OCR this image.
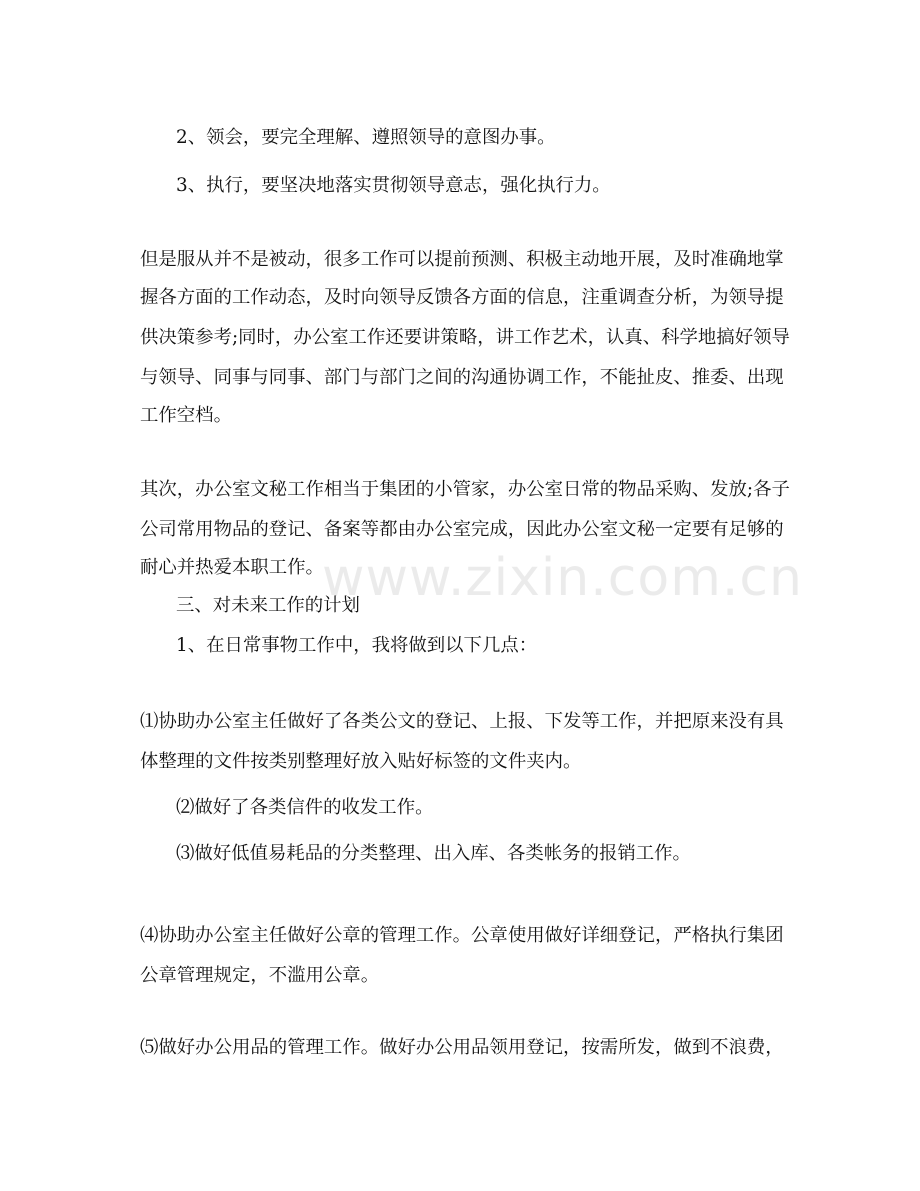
www.zixin.com.cn

2、领会，要完全理解、遵照领导的意图办事。

3、执行，要坚决地落实贯彻领导意志，强化执行力。

但是服从并不是被动，很多工作可以提前预测、积极主动地开展，及时准确地掌

握各方面的工作动态，及时向领导反馈各方面的信息，注重调查分析，为领导提

供决策参考;同时，办公室工作还要讲策略，讲工作艺术，认真、科学地搞好领导

与领导、同事与同事、部门与部门之间的沟通协调工作，不能扯皮、推委、出现

工作空档。

其次，办公室文秘工作相当于集团的小管家，办公室日常的物品采购、发放;各子

公司常用物品的登记、备案等都由办公室完成，因此办公室文秘一定要有足够的

耐心并热爱本职工作。

三、对未来工作的计划

1、在日常事物工作中，我将做到以下几点：

⑴协助办公室主任做好了各类公文的登记、上报、下发等工作，并把原来没有具

体整理的文件按类别整理好放入贴好标签的文件夹内。

⑵做好了各类信件的收发工作。

⑶做好低值易耗品的分类整理、出入库、各类帐务的报销工作。

⑷协助办公室主任做好公章的管理工作。公章使用做好详细登记，严格执行集团

公章管理规定，不滥用公章。

⑸做好办公用品的管理工作。做好办公用品领用登记，按需所发，做到不浪费，
